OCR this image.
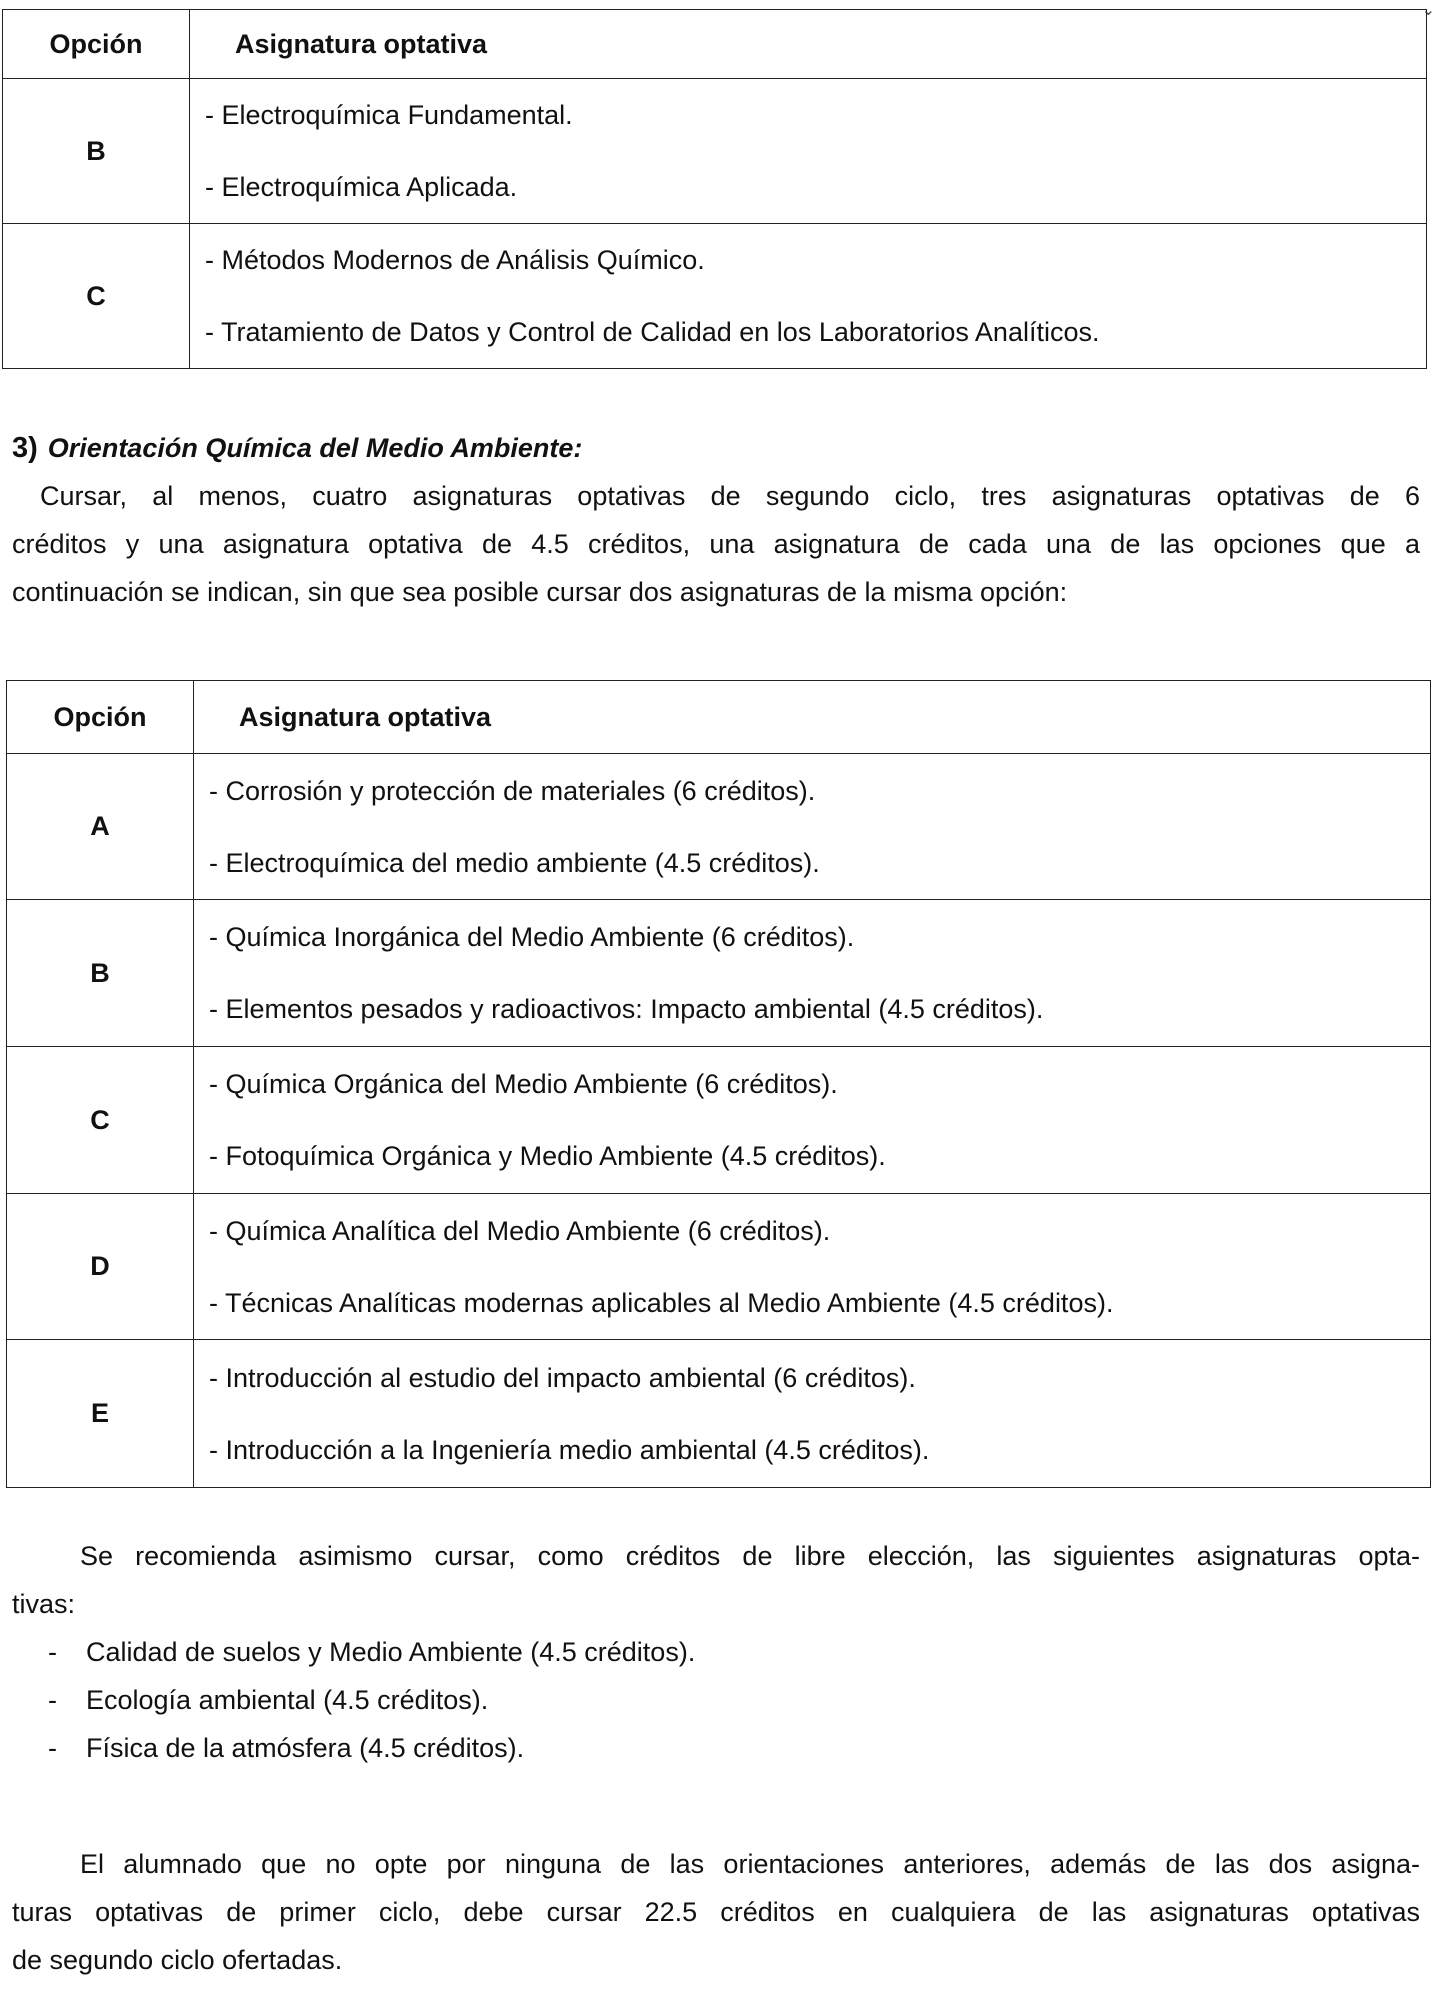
⌄
Opción	Asignatura optativa
B	- Electroquímica Fundamental.
- Electroquímica Aplicada.

C	- Métodos Modernos de Análisis Químico.
- Tratamiento de Datos y Control de Calidad en los Laboratorios Analíticos.
3) Orientación Química del Medio Ambiente:

Cursar, al menos, cuatro asignaturas optativas de segundo ciclo, tres asignaturas optativas de 6
créditos y una asignatura optativa de 4.5 créditos, una asignatura de cada una de las opciones que a
continuación se indican, sin que sea posible cursar dos asignaturas de la misma opción:

Opción	Asignatura optativa
A	- Corrosión y protección de materiales (6 créditos).
- Electroquímica del medio ambiente (4.5 créditos).

B	- Química Inorgánica del Medio Ambiente (6 créditos).
- Elementos pesados y radioactivos: Impacto ambiental (4.5 créditos).

C	- Química Orgánica del Medio Ambiente (6 créditos).
- Fotoquímica Orgánica y Medio Ambiente (4.5 créditos).

D	- Química Analítica del Medio Ambiente (6 créditos).
- Técnicas Analíticas modernas aplicables al Medio Ambiente (4.5 créditos).

E	- Introducción al estudio del impacto ambiental (6 créditos).
- Introducción a la Ingeniería medio ambiental (4.5 créditos).

Se recomienda asimismo cursar, como créditos de libre elección, las siguientes asignaturas opta-
tivas:

- Calidad de suelos y Medio Ambiente (4.5 créditos).
- Ecología ambiental (4.5 créditos).
- Física de la atmósfera (4.5 créditos).

El alumnado que no opte por ninguna de las orientaciones anteriores, además de las dos asigna-
turas optativas de primer ciclo, debe cursar 22.5 créditos en cualquiera de las asignaturas optativas
de segundo ciclo ofertadas.
